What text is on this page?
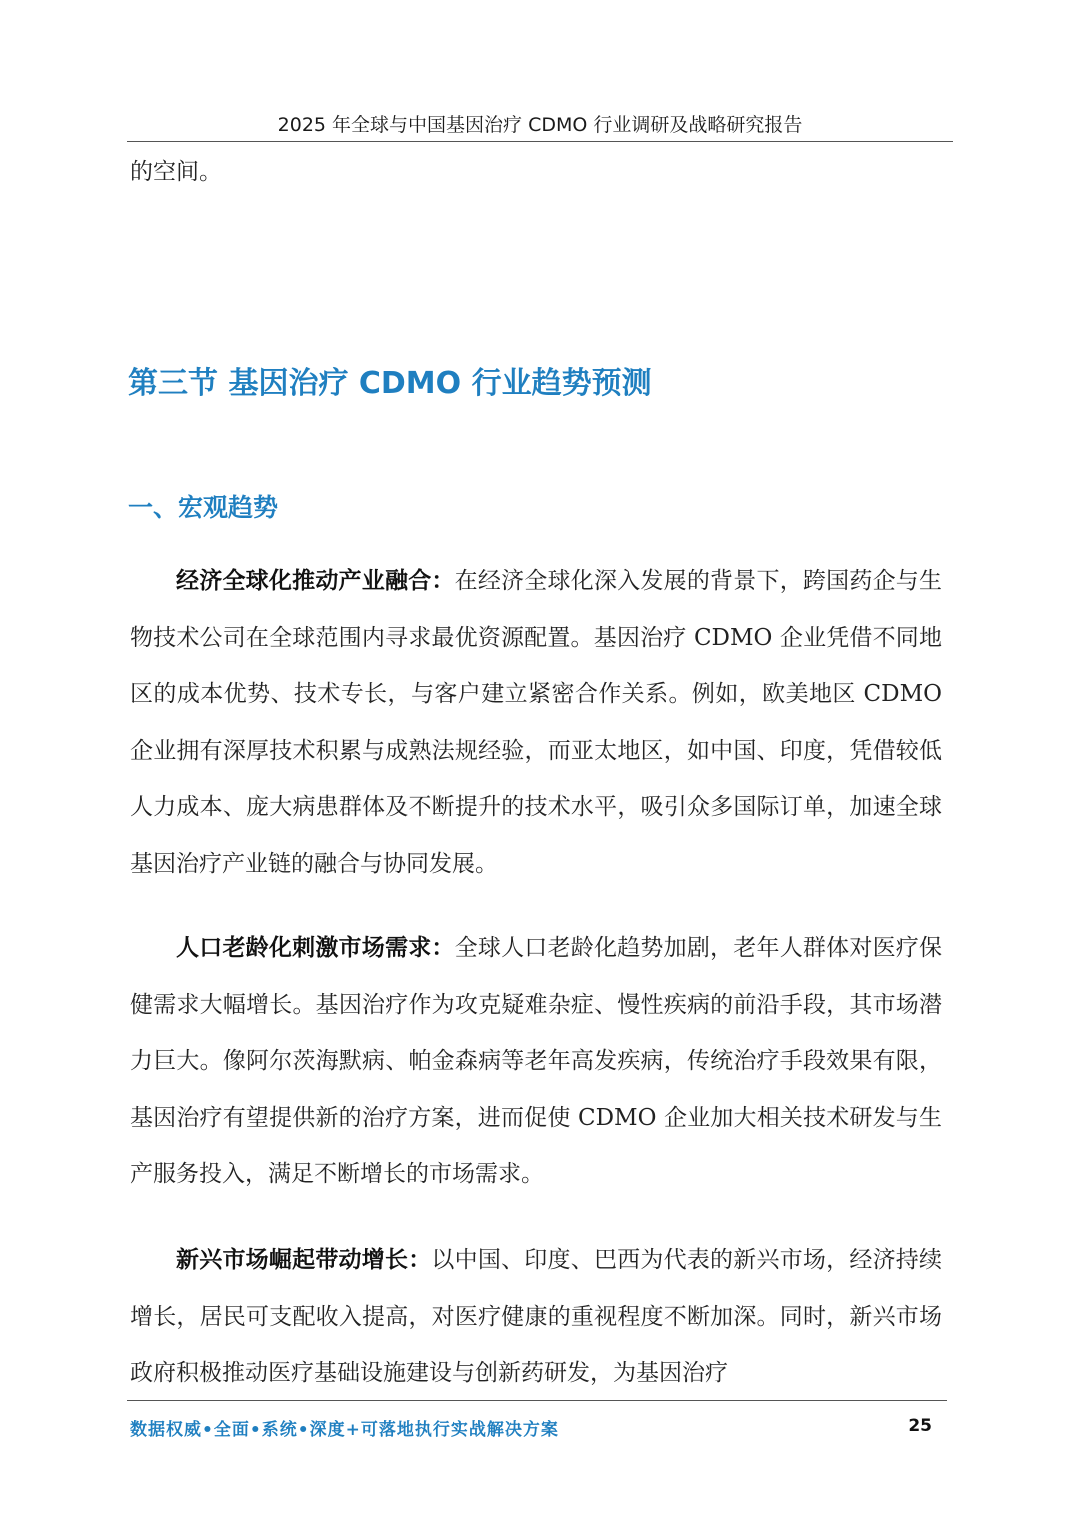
2025 年全球与中国基因治疗 CDMO 行业调研及战略研究报告
的空间。
第三节 基因治疗 CDMO 行业趋势预测
一、宏观趋势
经济全球化推动产业融合：在经济全球化深入发展的背景下，跨国药企与生物技术公司在全球范围内寻求最优资源配置。基因治疗 CDMO 企业凭借不同地区的成本优势、技术专长，与客户建立紧密合作关系。例如，欧美地区 CDMO 企业拥有深厚技术积累与成熟法规经验，而亚太地区，如中国、印度，凭借较低人力成本、庞大病患群体及不断提升的技术水平，吸引众多国际订单，加速全球基因治疗产业链的融合与协同发展。
人口老龄化刺激市场需求：全球人口老龄化趋势加剧，老年人群体对医疗保健需求大幅增长。基因治疗作为攻克疑难杂症、慢性疾病的前沿手段，其市场潜力巨大。像阿尔茨海默病、帕金森病等老年高发疾病，传统治疗手段效果有限，基因治疗有望提供新的治疗方案，进而促使 CDMO 企业加大相关技术研发与生产服务投入，满足不断增长的市场需求。
新兴市场崛起带动增长：以中国、印度、巴西为代表的新兴市场，经济持续增长，居民可支配收入提高，对医疗健康的重视程度不断加深。同时，新兴市场政府积极推动医疗基础设施建设与创新药研发，为基因治疗
数据权威•全面•系统•深度+可落地执行实战解决方案	25
